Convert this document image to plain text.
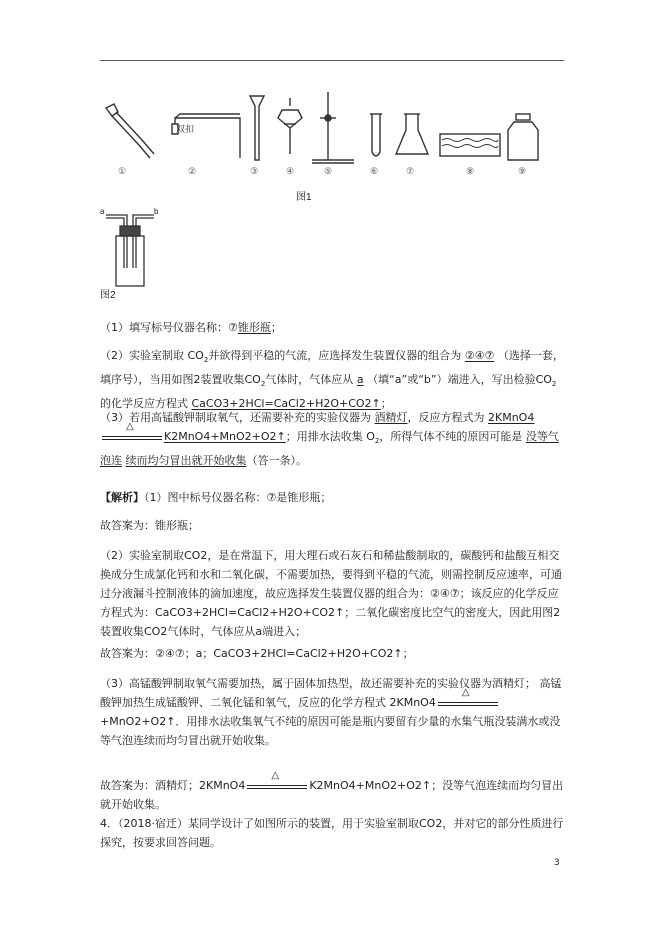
①	②	③	④	⑤	⑥	⑦	⑧	⑨
双扣
图1
a	b
图2
（1）填写标号仪器名称：⑦锥形瓶；
（2）实验室制取 $CO_2$并欲得到平稳的气流，应选择发生装置仪器的组合为 ②④⑦ （选择一套，填序号），当用如图2装置收集$CO_2$气体时，气体应从 a （填“a”或“b”）端进入，写出检验$CO_2$的化学反应方程式 CaCO3+2HCl=CaCl2+H2O+CO2↑；
（3）若用高锰酸钾制取氧气，还需要补充的实验仪器为 酒精灯，反应方程式为 2KMnO4
△
K2MnO4+MnO2+O2↑；用排水法收集 $O_2$，所得气体不纯的原因可能是 没等气泡连 续而均匀冒出就开始收集（答一条）。
【解析】（1）图中标号仪器名称：⑦是锥形瓶；
故答案为：锥形瓶；
（2）实验室制取CO2，是在常温下，用大理石或石灰石和稀盐酸制取的，碳酸钙和盐酸互相交换成分生成氯化钙和水和二氧化碳，不需要加热，要得到平稳的气流，则需控制反应速率，可通过分液漏斗控制液体的滴加速度，故应选择发生装置仪器的组合为：②④⑦；该反应的化学反应方程式为：CaCO3+2HCl=CaCl2+H2O+CO2↑；二氧化碳密度比空气的密度大，因此用图2装置收集CO2气体时，气体应从a端进入；
故答案为：②④⑦；a；CaCO3+2HCl=CaCl2+H2O+CO2↑；
（3）高锰酸钾制取氧气需要加热，属于固体加热型，故还需要补充的实验仪器为酒精灯； 高锰酸钾加热生成锰酸钾、二氧化锰和氧气，反应的化学方程式 2KMnO4
△
+MnO2+O2↑．用排水法收集氧气不纯的原因可能是瓶内要留有少量的水集气瓶没装满水或没等气泡连续而均匀冒出就开始收集。
故答案为：酒精灯；2KMnO4
△
K2MnO4+MnO2+O2↑；没等气泡连续而均匀冒出就开始收集。
4．（2018·宿迁）某同学设计了如图所示的装置，用于实验室制取CO2，并对它的部分性质进行探究，按要求回答问题。
3
